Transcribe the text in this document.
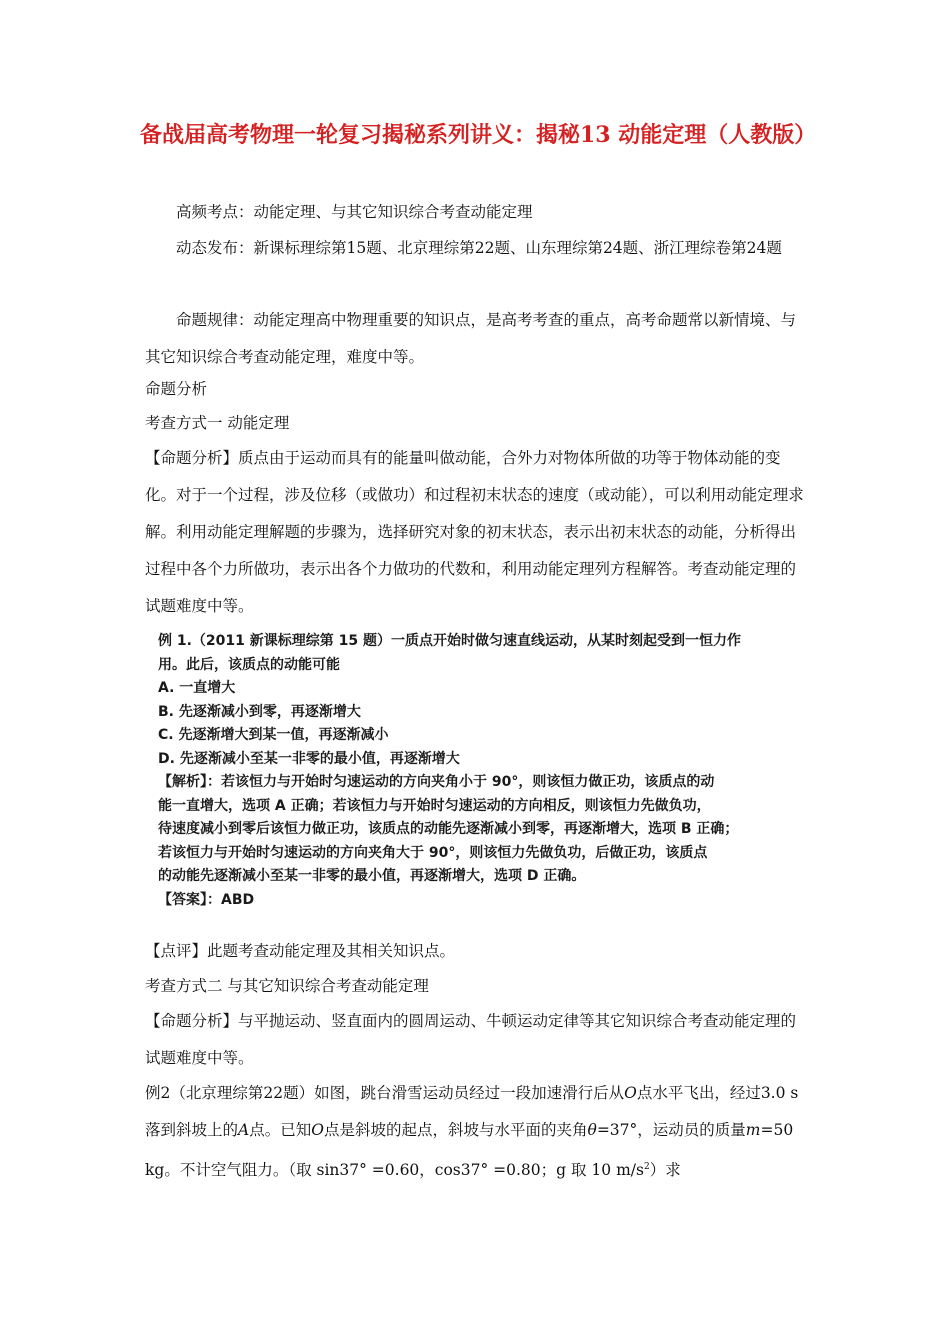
备战届高考物理一轮复习揭秘系列讲义：揭秘13 动能定理（人教版）
高频考点：动能定理、与其它知识综合考查动能定理
动态发布：新课标理综第15题、北京理综第22题、山东理综第24题、浙江理综卷第24题
命题规律：动能定理高中物理重要的知识点，是高考考查的重点，高考命题常以新情境、与其它知识综合考查动能定理，难度中等。
命题分析
考查方式一 动能定理
【命题分析】质点由于运动而具有的能量叫做动能，合外力对物体所做的功等于物体动能的变化。对于一个过程，涉及位移（或做功）和过程初末状态的速度（或动能），可以利用动能定理求解。利用动能定理解题的步骤为，选择研究对象的初末状态，表示出初末状态的动能，分析得出过程中各个力所做功，表示出各个力做功的代数和，利用动能定理列方程解答。考查动能定理的试题难度中等。
例 1.（2011 新课标理综第 15 题）一质点开始时做匀速直线运动，从某时刻起受到一恒力作
用。此后，该质点的动能可能
A. 一直增大
B. 先逐渐减小到零，再逐渐增大
C. 先逐渐增大到某一值，再逐渐减小
D. 先逐渐减小至某一非零的最小值，再逐渐增大
【解析】：若该恒力与开始时匀速运动的方向夹角小于 90°，则该恒力做正功，该质点的动
能一直增大，选项 A 正确；若该恒力与开始时匀速运动的方向相反，则该恒力先做负功，
待速度减小到零后该恒力做正功，该质点的动能先逐渐减小到零，再逐渐增大，选项 B 正确；
若该恒力与开始时匀速运动的方向夹角大于 90°，则该恒力先做负功，后做正功，该质点
的动能先逐渐减小至某一非零的最小值，再逐渐增大，选项 D 正确。
【答案】：ABD
【点评】此题考查动能定理及其相关知识点。
考查方式二 与其它知识综合考查动能定理
【命题分析】与平抛运动、竖直面内的圆周运动、牛顿运动定律等其它知识综合考查动能定理的试题难度中等。
例2（北京理综第22题）如图，跳台滑雪运动员经过一段加速滑行后从O点水平飞出，经过3.0 s落到斜坡上的A点。已知O点是斜坡的起点，斜坡与水平面的夹角θ=37°，运动员的质量m=50 kg。不计空气阻力。（取 sin37° =0.60，cos37° =0.80；g 取 10 $m/s^2$）求
